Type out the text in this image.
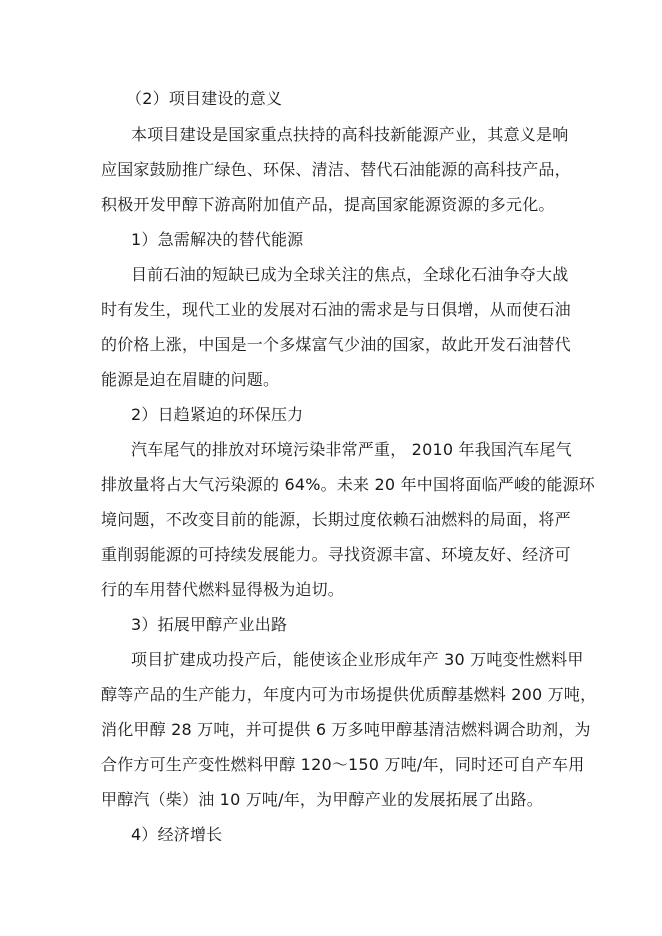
（2）项目建设的意义
本项目建设是国家重点扶持的高科技新能源产业，其意义是响
应国家鼓励推广绿色、环保、清洁、替代石油能源的高科技产品，
积极开发甲醇下游高附加值产品，提高国家能源资源的多元化。
1）急需解决的替代能源
目前石油的短缺已成为全球关注的焦点，全球化石油争夺大战
时有发生，现代工业的发展对石油的需求是与日俱增，从而使石油
的价格上涨，中国是一个多煤富气少油的国家，故此开发石油替代
能源是迫在眉睫的问题。
2）日趋紧迫的环保压力
汽车尾气的排放对环境污染非常严重， 2010 年我国汽车尾气
排放量将占大气污染源的 64%。未来 20 年中国将面临严峻的能源环
境问题，不改变目前的能源，长期过度依赖石油燃料的局面，将严
重削弱能源的可持续发展能力。寻找资源丰富、环境友好、经济可
行的车用替代燃料显得极为迫切。
3）拓展甲醇产业出路
项目扩建成功投产后，能使该企业形成年产 30 万吨变性燃料甲
醇等产品的生产能力，年度内可为市场提供优质醇基燃料 200 万吨，
消化甲醇 28 万吨，并可提供 6 万多吨甲醇基清洁燃料调合助剂，为
合作方可生产变性燃料甲醇 120～150 万吨/年，同时还可自产车用
甲醇汽（柴）油 10 万吨/年，为甲醇产业的发展拓展了出路。
4）经济增长
